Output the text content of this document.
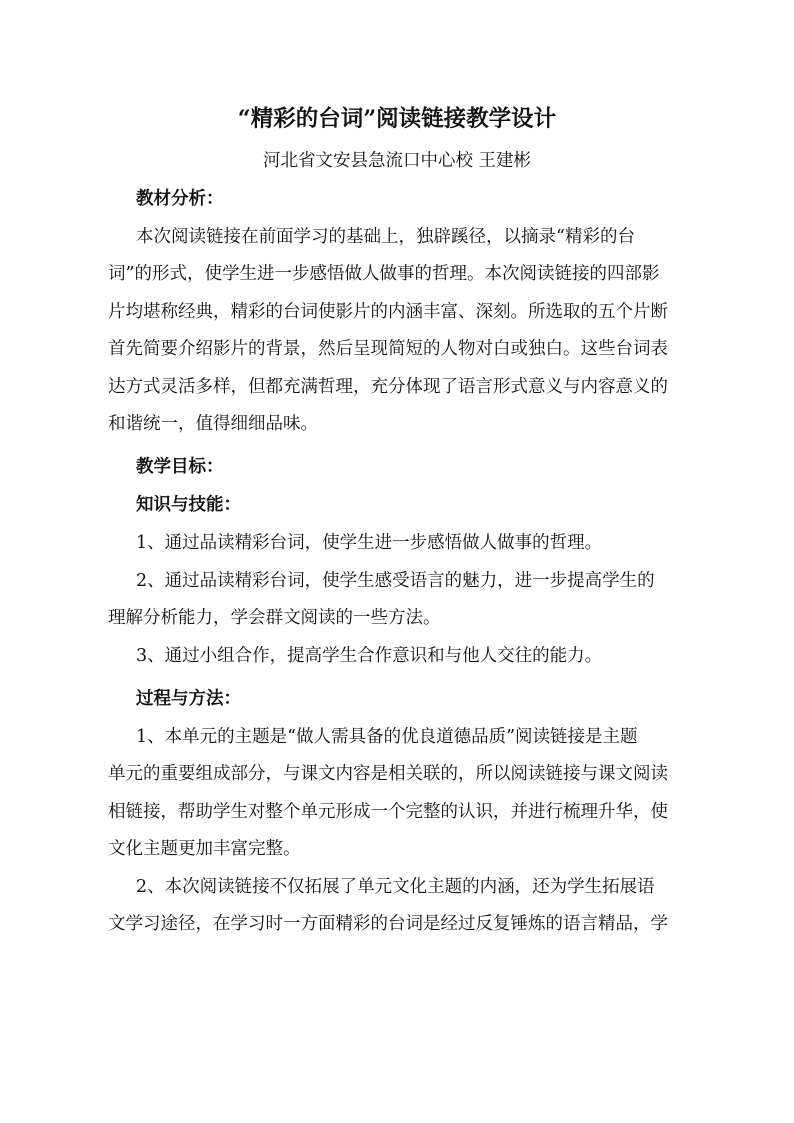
“精彩的台词”阅读链接教学设计
河北省文安县急流口中心校 王建彬
教材分析：
本次阅读链接在前面学习的基础上，独辟蹊径，以摘录“精彩的台
词”的形式，使学生进一步感悟做人做事的哲理。本次阅读链接的四部影
片均堪称经典，精彩的台词使影片的内涵丰富、深刻。所选取的五个片断
首先简要介绍影片的背景，然后呈现简短的人物对白或独白。这些台词表
达方式灵活多样，但都充满哲理，充分体现了语言形式意义与内容意义的
和谐统一，值得细细品味。
教学目标：
知识与技能：
1、通过品读精彩台词，使学生进一步感悟做人做事的哲理。
2、通过品读精彩台词，使学生感受语言的魅力，进一步提高学生的
理解分析能力，学会群文阅读的一些方法。
3、通过小组合作，提高学生合作意识和与他人交往的能力。
过程与方法：
1、本单元的主题是“做人需具备的优良道德品质”阅读链接是主题
单元的重要组成部分，与课文内容是相关联的，所以阅读链接与课文阅读
相链接，帮助学生对整个单元形成一个完整的认识，并进行梳理升华，使
文化主题更加丰富完整。
2、本次阅读链接不仅拓展了单元文化主题的内涵，还为学生拓展语
文学习途径，在学习时一方面精彩的台词是经过反复锤炼的语言精品，学
